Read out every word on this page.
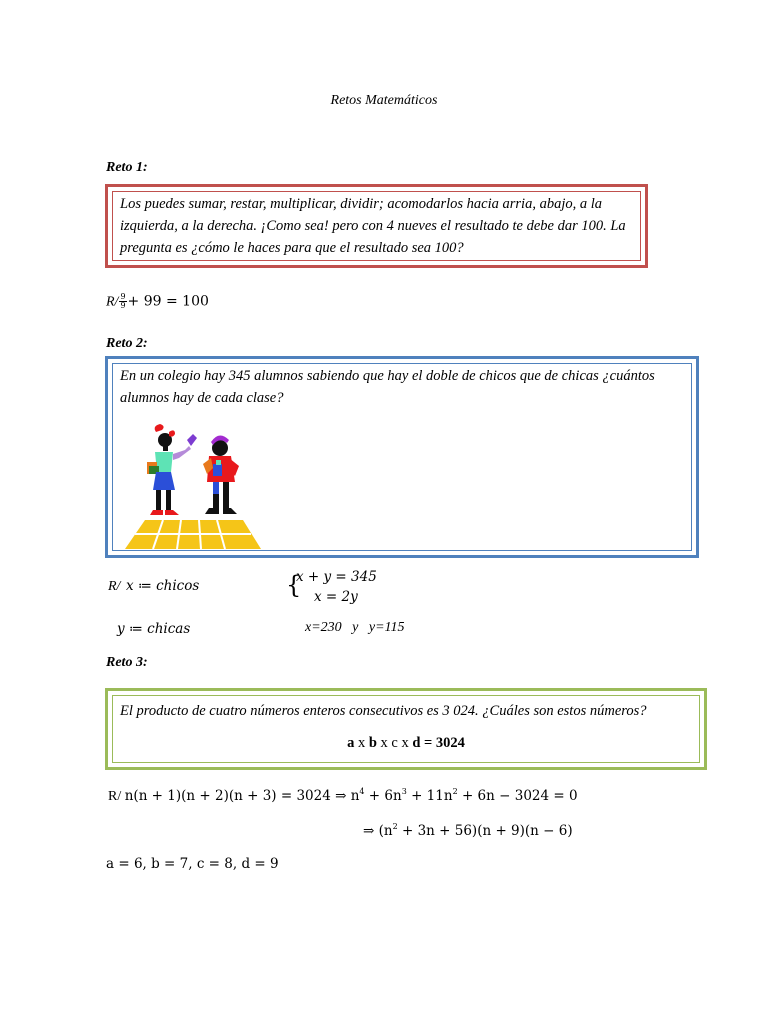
Retos Matemáticos
Reto 1:
Los puedes sumar, restar, multiplicar, dividir; acomodarlos hacia arria, abajo, a la izquierda, a la derecha. ¡Como sea! pero con 4 nueves el resultado te debe dar 100. La pregunta es ¿cómo le haces para que el resultado sea 100?
$R/ \frac{9}{9} + 99 = 100$
Reto 2:
En un colegio hay 345 alumnos sabiendo que hay el doble de chicos que de chicas ¿cuántos alumnos hay de cada clase?
R/ x ≔ chicos	{
x + y = 345
x = 2y
y ≔ chicas	x=230   y   y=115
Reto 3:
El producto de cuatro números enteros consecutivos es 3 024. ¿Cuáles son estos números?
a x b x c x d = 3024
R/ n(n + 1)(n + 2)(n + 3) = 3024 ⇒ $n^4 + 6n^3 + 11n^2 + 6n - 3024 = 0$
⇒ $(n^2 + 3n + 56)(n + 9)(n - 6)$
a = 6, b = 7, c = 8, d = 9
